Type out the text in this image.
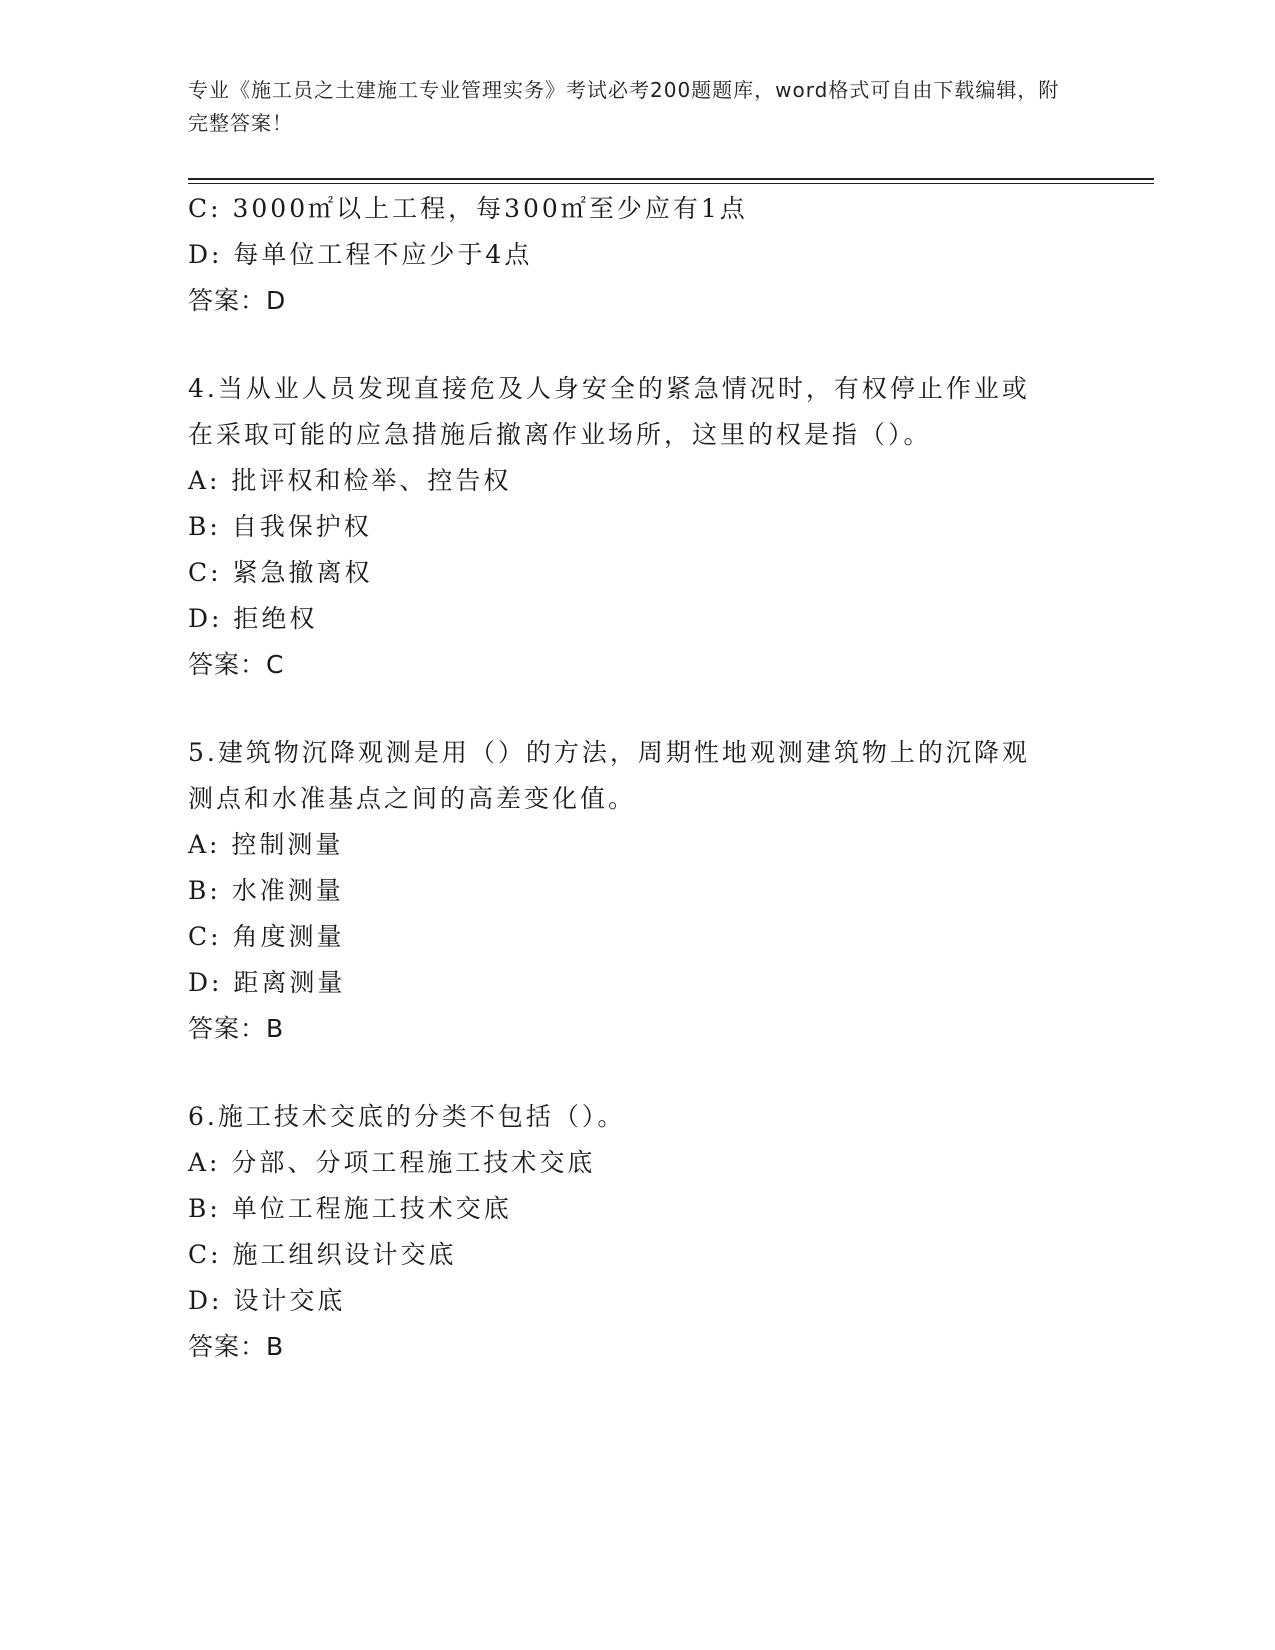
专业《施工员之土建施工专业管理实务》考试必考200题题库，word格式可自由下载编辑，附完整答案！
C: 3000㎡以上工程，每300㎡至少应有1点
D: 每单位工程不应少于4点
答案：D
4.当从业人员发现直接危及人身安全的紧急情况时，有权停止作业或
在采取可能的应急措施后撤离作业场所，这里的权是指（）。
A: 批评权和检举、控告权
B: 自我保护权
C: 紧急撤离权
D: 拒绝权
答案：C
5.建筑物沉降观测是用（）的方法，周期性地观测建筑物上的沉降观
测点和水准基点之间的高差变化值。
A: 控制测量
B: 水准测量
C: 角度测量
D: 距离测量
答案：B
6.施工技术交底的分类不包括（）。
A: 分部、分项工程施工技术交底
B: 单位工程施工技术交底
C: 施工组织设计交底
D: 设计交底
答案：B
